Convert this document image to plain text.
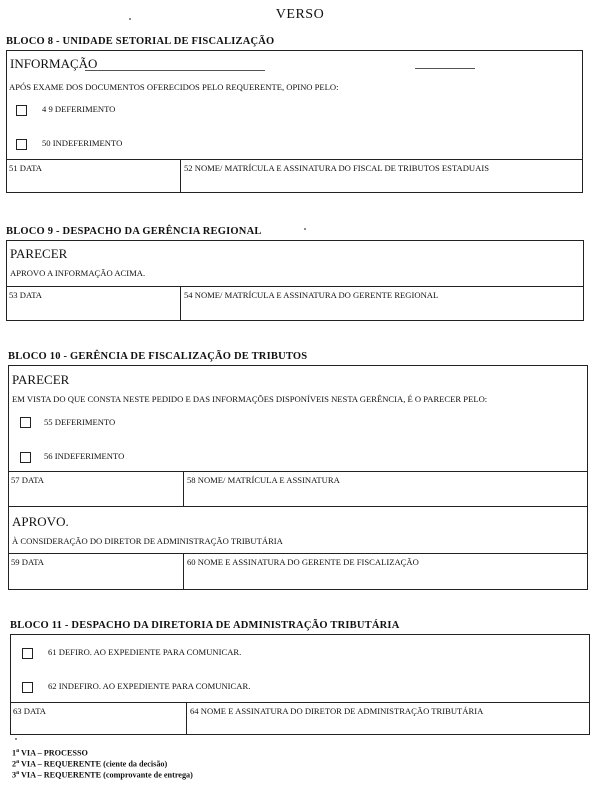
VERSO
BLOCO 8 - UNIDADE SETORIAL DE FISCALIZAÇÃO
INFORMAÇÃO
APÓS EXAME DOS DOCUMENTOS OFERECIDOS PELO REQUERENTE, OPINO PELO:
4 9 DEFERIMENTO
50 INDEFERIMENTO
51 DATA	52 NOME/ MATRÍCULA E ASSINATURA DO FISCAL DE TRIBUTOS ESTADUAIS
BLOCO 9 - DESPACHO DA GERÊNCIA REGIONAL
PARECER
APROVO A INFORMAÇÃO ACIMA.
53 DATA	54 NOME/ MATRÍCULA E ASSINATURA DO GERENTE REGIONAL
BLOCO 10 - GERÊNCIA DE FISCALIZAÇÃO DE TRIBUTOS
PARECER
EM VISTA DO QUE CONSTA NESTE PEDIDO E DAS INFORMAÇÕES DISPONÍVEIS NESTA GERÊNCIA, É O PARECER PELO:
55 DEFERIMENTO
56 INDEFERIMENTO
57 DATA	58 NOME/ MATRÍCULA E ASSINATURA
APROVO.
À CONSIDERAÇÃO DO DIRETOR DE ADMINISTRAÇÃO TRIBUTÁRIA
59 DATA	60 NOME E ASSINATURA DO GERENTE DE FISCALIZAÇÃO
BLOCO 11 - DESPACHO DA DIRETORIA DE ADMINISTRAÇÃO TRIBUTÁRIA
61 DEFIRO. AO EXPEDIENTE PARA COMUNICAR.
62 INDEFIRO. AO EXPEDIENTE PARA COMUNICAR.
63 DATA	64 NOME E ASSINATURA DO DIRETOR DE ADMINISTRAÇÃO TRIBUTÁRIA
1$^a$ VIA – PROCESSO
2$^a$ VIA – REQUERENTE (ciente da decisão)
3$^a$ VIA – REQUERENTE (comprovante de entrega)
